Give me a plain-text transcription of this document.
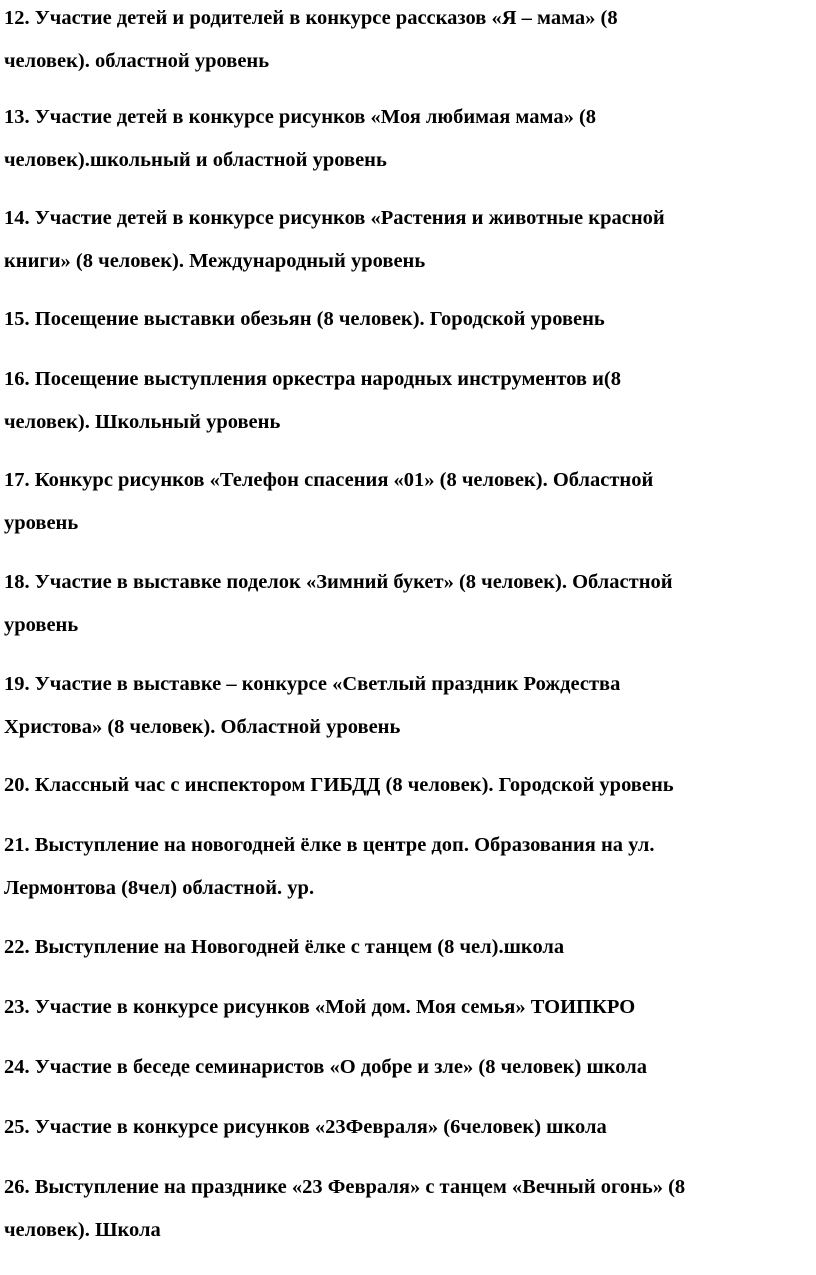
12. Участие детей и родителей в конкурсе рассказов «Я – мама» (8
человек). областной уровень
13. Участие детей в конкурсе рисунков «Моя любимая мама» (8
человек).школьный и областной уровень
14. Участие детей в конкурсе рисунков «Растения и животные красной
книги» (8 человек). Международный уровень
15. Посещение выставки обезьян (8 человек). Городской уровень
16. Посещение выступления оркестра народных инструментов и(8
человек). Школьный уровень
17. Конкурс рисунков «Телефон спасения «01» (8 человек). Областной
уровень
18. Участие в выставке поделок «Зимний букет» (8 человек). Областной
уровень
19. Участие в выставке – конкурсе «Светлый праздник Рождества
Христова» (8 человек). Областной уровень
20. Классный час с инспектором ГИБДД (8 человек). Городской уровень
21. Выступление на новогодней ёлке в центре доп. Образования на ул.
Лермонтова (8чел) областной. ур.
22. Выступление на Новогодней ёлке с танцем (8 чел).школа
23. Участие в конкурсе рисунков «Мой дом. Моя семья» ТОИПКРО
24. Участие в беседе семинаристов «О добре и зле» (8 человек) школа
25. Участие в конкурсе рисунков «23Февраля» (6человек) школа
26. Выступление на празднике «23 Февраля» с танцем «Вечный огонь» (8
человек). Школа
